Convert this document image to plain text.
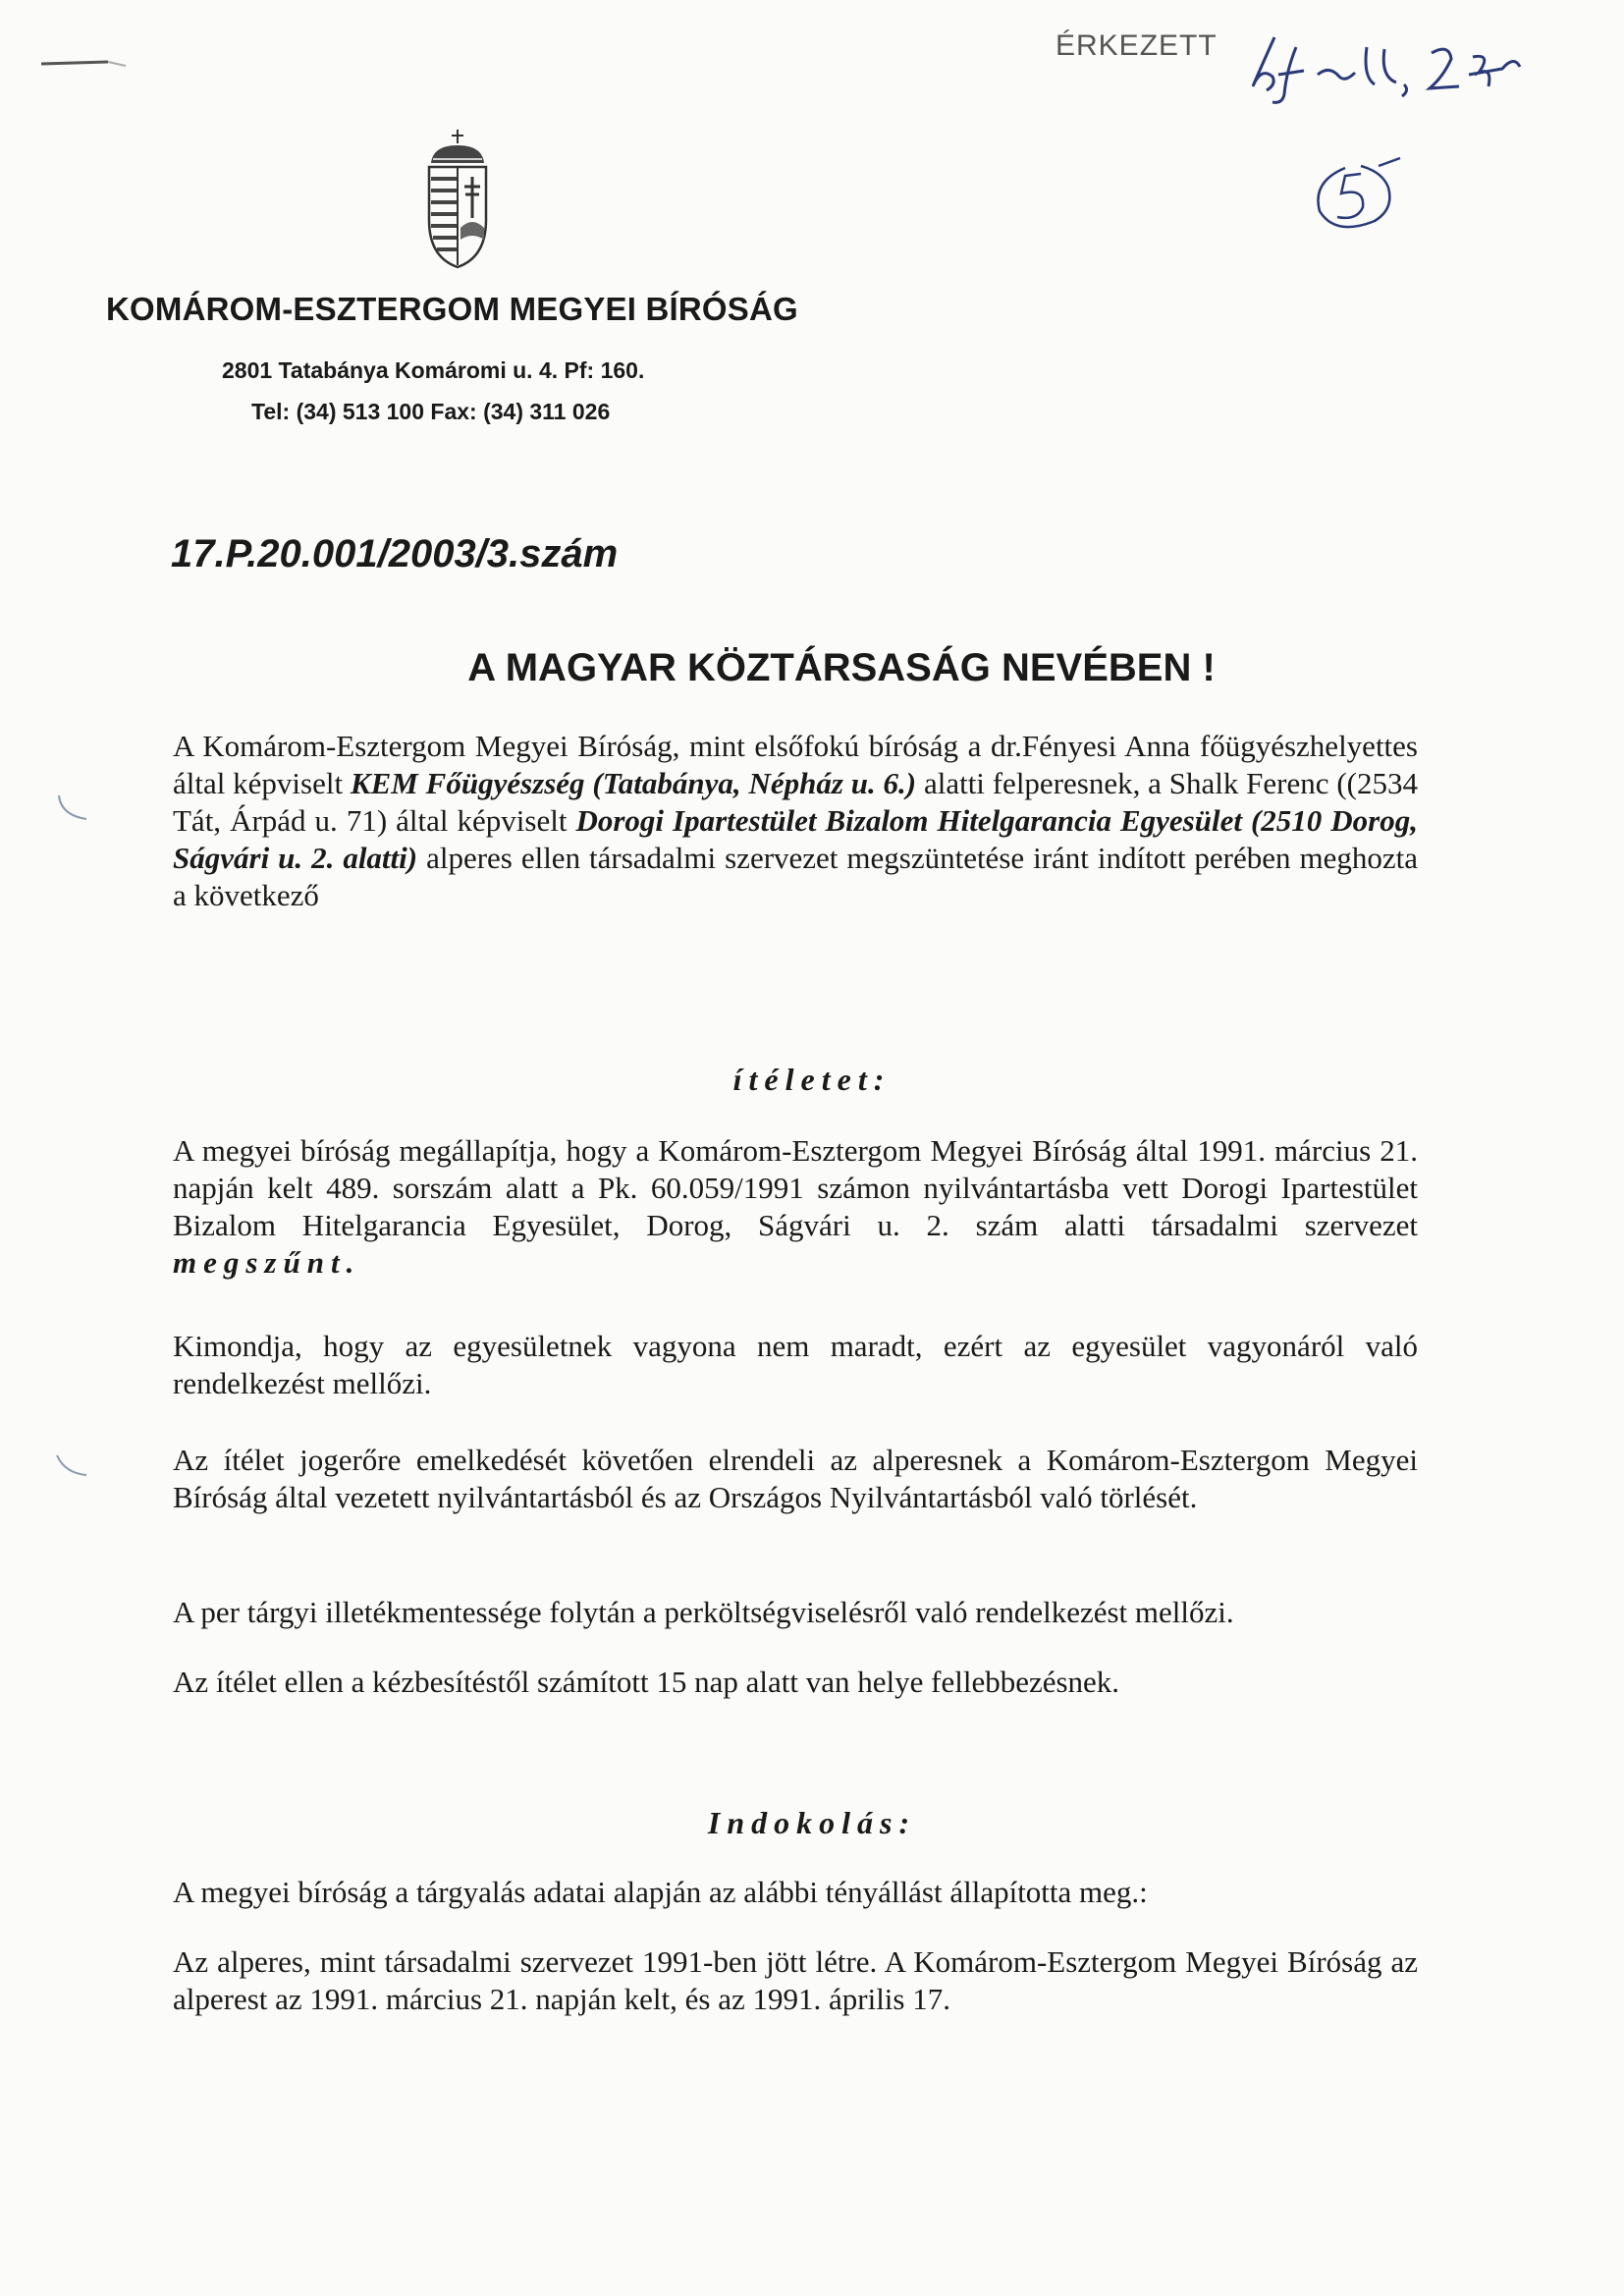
ÉRKEZETT
h/ -u. 27.
5
KOMÁROM-ESZTERGOM MEGYEI BÍRÓSÁG
2801 Tatabánya Komáromi u. 4. Pf: 160.
Tel: (34) 513 100 Fax: (34) 311 026
17.P.20.001/2003/3.szám
A MAGYAR KÖZTÁRSASÁG NEVÉBEN !
A Komárom-Esztergom Megyei Bíróság, mint elsőfokú bíróság a dr.Fényesi Anna főügyészhelyettes által képviselt KEM Főügyészség (Tatabánya, Népház u. 6.) alatti felperesnek, a Shalk Ferenc ((2534 Tát, Árpád u. 71) által képviselt Dorogi Ipartestület Bizalom Hitelgarancia Egyesület (2510 Dorog, Ságvári u. 2. alatti) alperes ellen társadalmi szervezet megszüntetése iránt indított perében meghozta a következő
ítéletet:
A megyei bíróság megállapítja, hogy a Komárom-Esztergom Megyei Bíróság által 1991. március 21. napján kelt 489. sorszám alatt a Pk. 60.059/1991 számon nyilvántartásba vett Dorogi Ipartestület Bizalom Hitelgarancia Egyesület, Dorog, Ságvári u. 2. szám alatti társadalmi szervezet megszűnt.
Kimondja, hogy az egyesületnek vagyona nem maradt, ezért az egyesület vagyonáról való rendelkezést mellőzi.
Az ítélet jogerőre emelkedését követően elrendeli az alperesnek a Komárom-Esztergom Megyei Bíróság által vezetett nyilvántartásból és az Országos Nyilvántartásból való törlését.
A per tárgyi illetékmentessége folytán a perköltségviselésről való rendelkezést mellőzi.
Az ítélet ellen a kézbesítéstől számított 15 nap alatt van helye fellebbezésnek.
Indokolás:
A megyei bíróság a tárgyalás adatai alapján az alábbi tényállást állapította meg.:
Az alperes, mint társadalmi szervezet 1991-ben jött létre. A Komárom-Esztergom Megyei Bíróság az alperest az 1991. március 21. napján kelt, és az 1991. április 17.
